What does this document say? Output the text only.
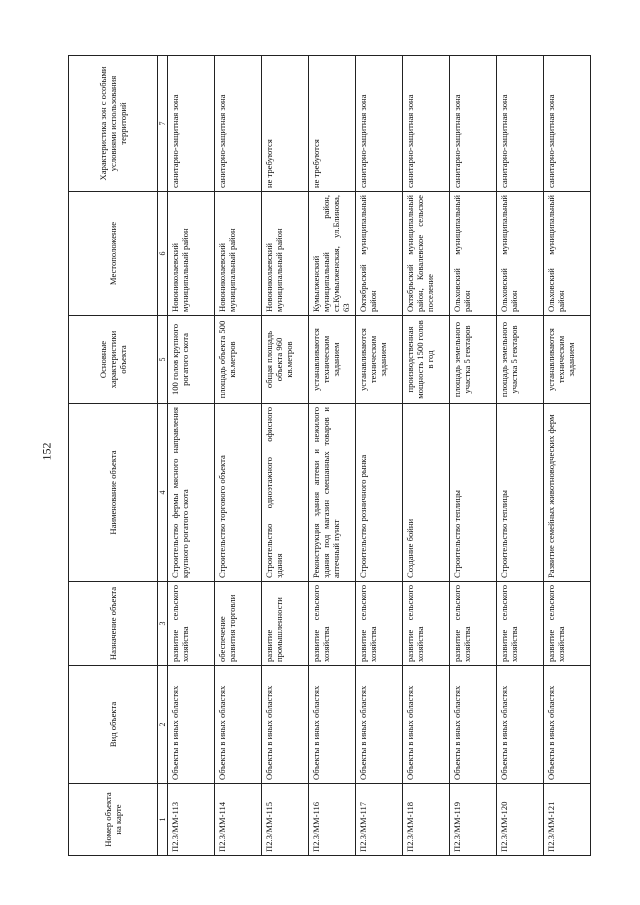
152
Номер объекта на карте	Вид объекта	Назначение объекта	Наименование объекта	Основные характеристики объекта	Местоположение	Характеристика зон с особыми условиями использования территорий
1	2	3	4	5	6	7
П2.3/ММ-113	Объекты в иных областях	развитие сельского хозяйства	Строительство фермы мясного направления крупного рогатого скота	100 голов крупного рогатого скота	Новониколаевский муниципальный район	санитарно-защитная зона
П2.3/ММ-114	Объекты в иных областях	обеспечение развития торговли	Строительство торгового объекта	площадь объекта 500 кв.метров	Новониколаевский муниципальный район	санитарно-защитная зона
П2.3/ММ-115	Объекты в иных областях	развитие промышленности	Строительство одноэтажного офисного здания	общая площадь объекта 960 кв.метров	Новониколаевский муниципальный район	не требуются
П2.3/ММ-116	Объекты в иных областях	развитие сельского хозяйства	Реконструкция здания аптеки и нежилого здания под магазин смешанных товаров и аптечный пункт	устанавливаются техническим заданием	Кумылженский муниципальный район, ст.Кумылженская, ул.Блинова, 63	не требуются
П2.3/ММ-117	Объекты в иных областях	развитие сельского хозяйства	Строительство розничного рынка	устанавливаются техническим заданием	Октябрьский муниципальный район	санитарно-защитная зона
П2.3/ММ-118	Объекты в иных областях	развитие сельского хозяйства	Создание бойни	производственная мощность 1500 голов в год	Октябрьский муниципальный район, Ковалевское сельское поселение	санитарно-защитная зона
П2.3/ММ-119	Объекты в иных областях	развитие сельского хозяйства	Строительство теплицы	площадь земельного участка 5 гектаров	Ольховский муниципальный район	санитарно-защитная зона
П2.3/ММ-120	Объекты в иных областях	развитие сельского хозяйства	Строительство теплицы	площадь земельного участка 5 гектаров	Ольховский муниципальный район	санитарно-защитная зона
П2.3/ММ-121	Объекты в иных областях	развитие сельского хозяйства	Развитие семейных животноводческих ферм	устанавливаются техническим заданием	Ольховский муниципальный район	санитарно-защитная зона
